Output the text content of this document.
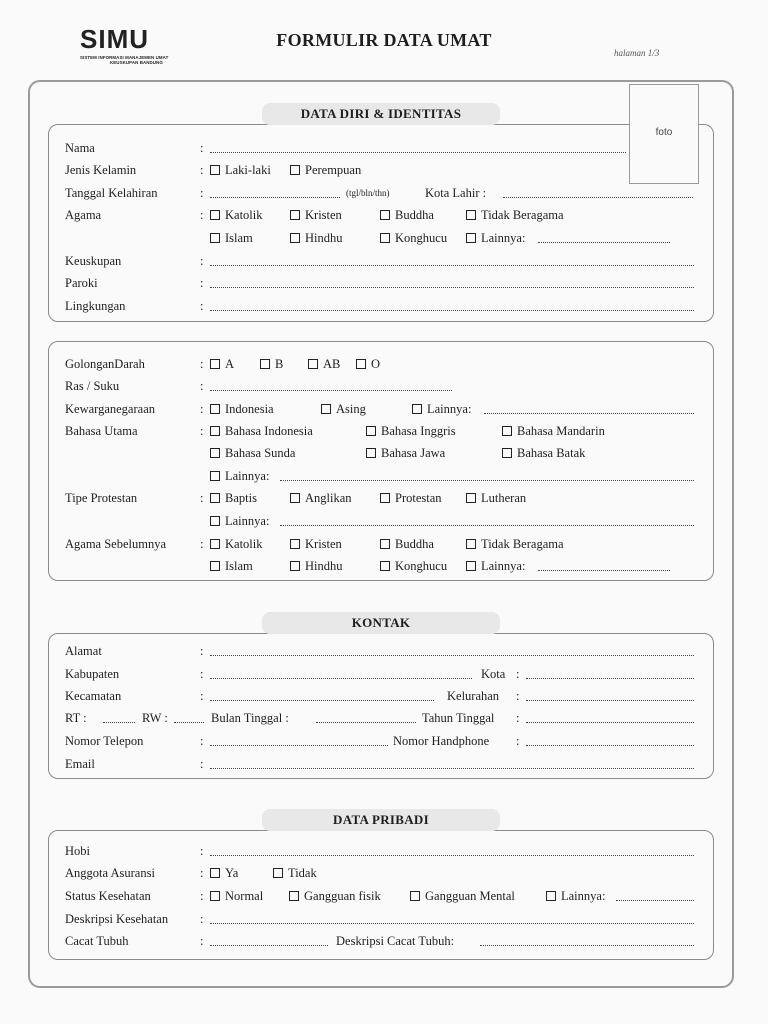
SIMU
SISTEM INFORMASI MANAJEMEN UMAT
KEUSKUPAN BANDUNG
FORMULIR DATA UMAT
halaman 1/3
DATA DIRI & IDENTITAS
foto
Nama	:
Jenis Kelamin	:	Laki-laki	Perempuan
Tanggal Kelahiran	:	(tgl/bln/thn)	Kota Lahir :
Agama	:	Katolik	Kristen	Buddha	Tidak Beragama
Islam	Hindhu	Konghucu	Lainnya:
Keuskupan	:
Paroki	:
Lingkungan	:
GolonganDarah	:	A	B	AB	O
Ras / Suku	:
Kewarganegaraan	:	Indonesia	Asing	Lainnya:
Bahasa Utama	:	Bahasa Indonesia	Bahasa Inggris	Bahasa Mandarin
Bahasa Sunda	Bahasa Jawa	Bahasa Batak
Lainnya:
Tipe Protestan	:	Baptis	Anglikan	Protestan	Lutheran
Lainnya:
Agama Sebelumnya	:	Katolik	Kristen	Buddha	Tidak Beragama
Islam	Hindhu	Konghucu	Lainnya:
KONTAK
Alamat	:
Kabupaten	:	Kota :
Kecamatan	:	Kelurahan :
RT :	RW :	Bulan Tinggal :	Tahun Tinggal :
Nomor Telepon	:	Nomor Handphone :
Email	:
DATA PRIBADI
Hobi	:
Anggota Asuransi	:	Ya	Tidak
Status Kesehatan	:	Normal	Gangguan fisik	Gangguan Mental	Lainnya:
Deskripsi Kesehatan	:
Cacat Tubuh	:	Deskripsi Cacat Tubuh:
